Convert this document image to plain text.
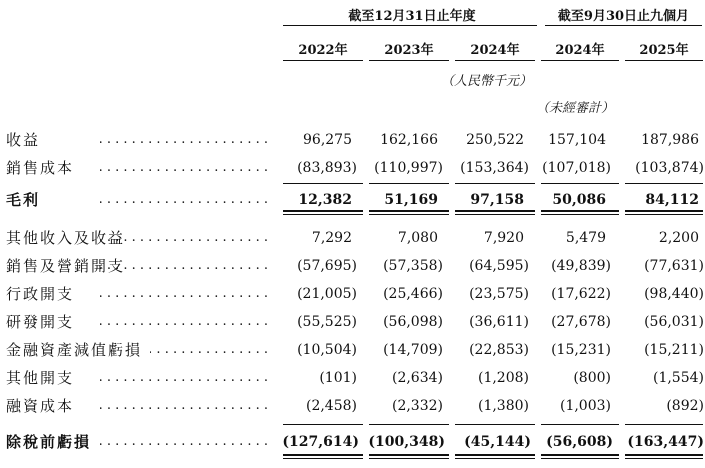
截至12月31日止年度	截至9月30日止九個月
2022年	2023年	2024年	2024年	2025年
（人民幣千元）
（未經審計）
收益 . . .	96,275 162,166 250,522 157,104	187,986
銷售成本 . . .	(83,893) (110,997) (153,364) (107,018) (103,874)
毛利 . . .	12,382 51,169 97,158 50,086	84,112
其他收入及收益 . . .	7,292	7,080	7,920	5,479	2,200
銷售及營銷開支 . . .	(57,695) (57,358) (64,595) (49,839) (77,631)
行政開支 . . .	(21,005) (25,466) (23,575) (17,622) (98,440)
研發開支 . . .	(55,525) (56,098) (36,611) (27,678) (56,031)
金融資產減值虧損 . . .	(10,504) (14,709) (22,853) (15,231) (15,211)
其他開支 . . .	(101) (2,634) (1,208)	(800)	(1,554)
融資成本 . . .	(2,458) (2,332) (1,380) (1,003)	(892)
除稅前虧損 . . .	(127,614) (100,348) (45,144) (56,608) (163,447)
